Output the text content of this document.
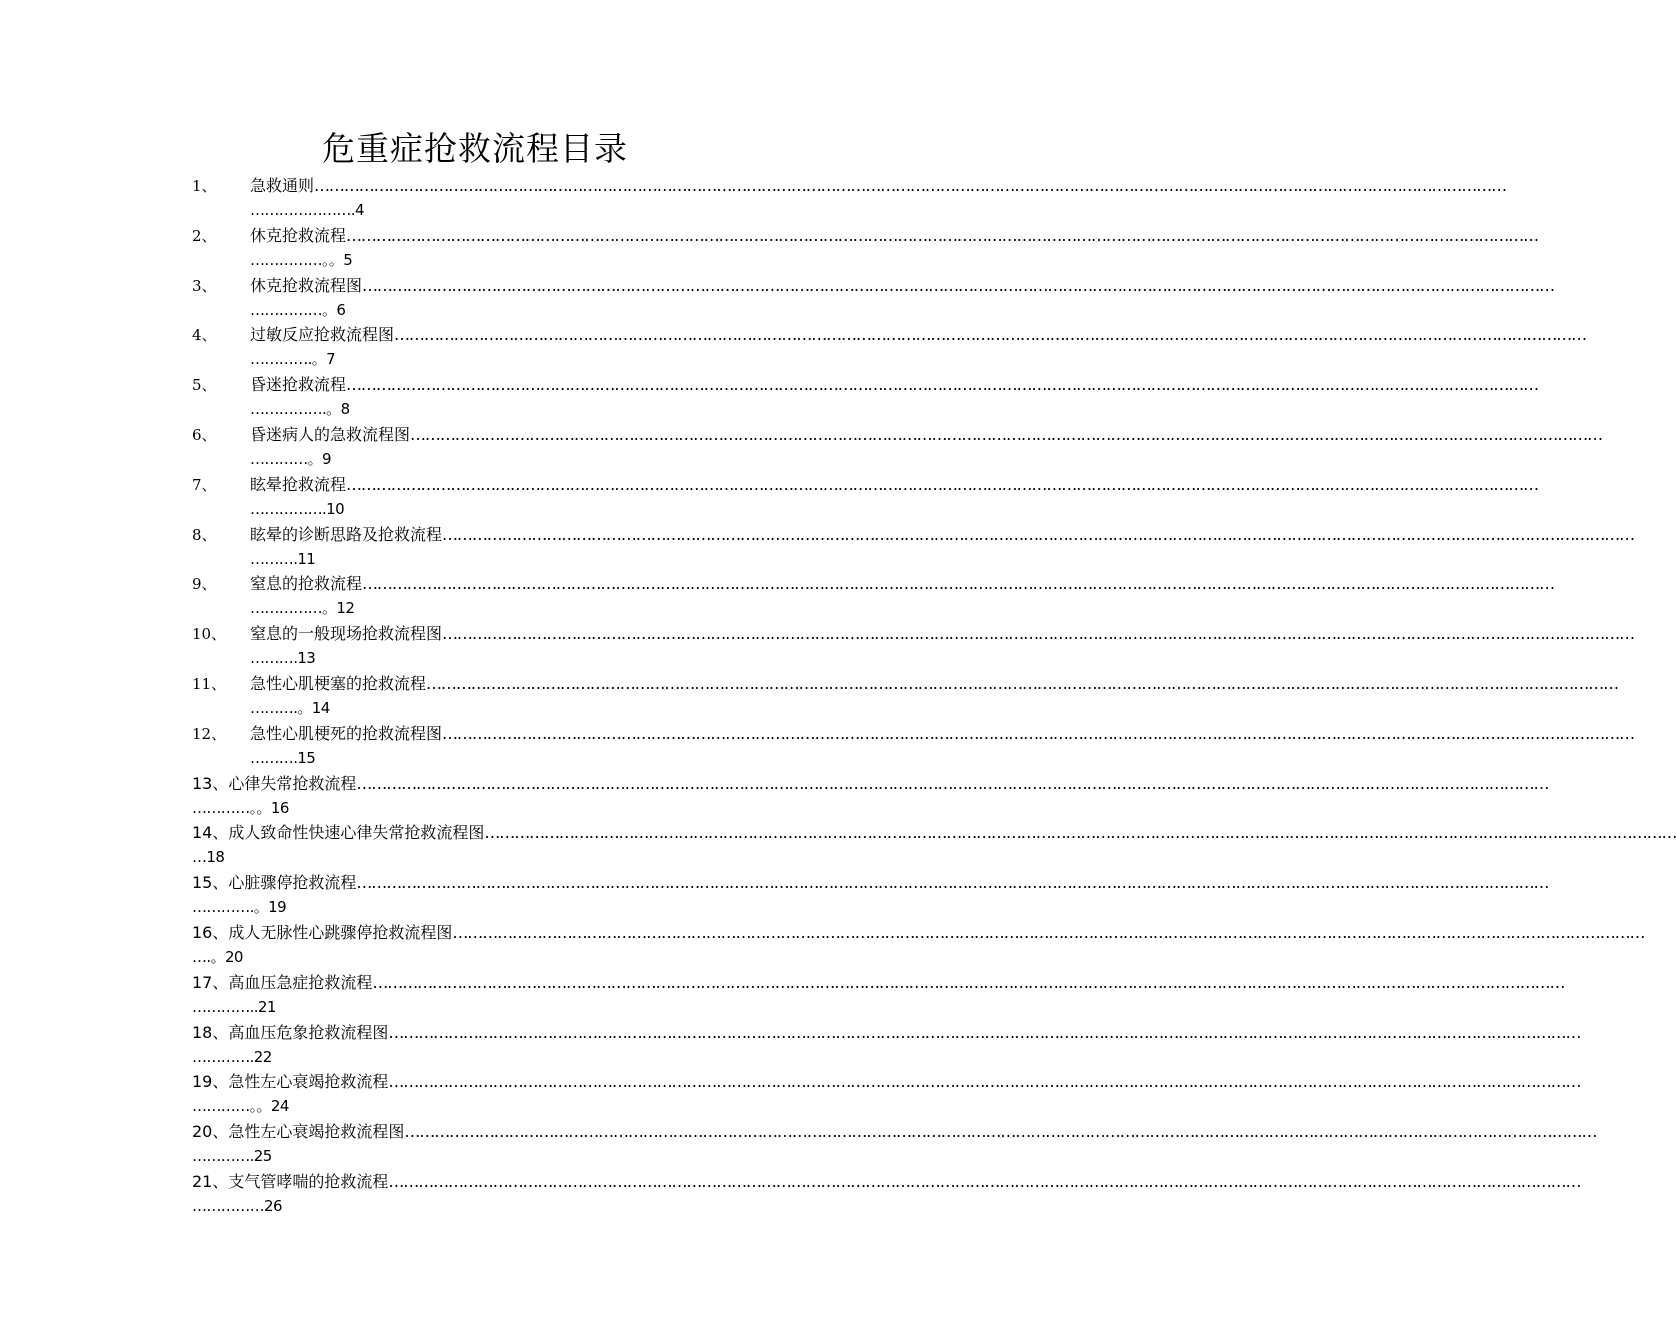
危重症抢救流程目录
1、 急救通则……………………………………………………………………………………………………………………………………………………………………………………………………………………
………………….4
2、 休克抢救流程……………………………………………………………………………………………………………………………………………………………………………………………………………………
……………。。5
3、 休克抢救流程图……………………………………………………………………………………………………………………………………………………………………………………………………………………
……………。6
4、 过敏反应抢救流程图……………………………………………………………………………………………………………………………………………………………………………………………………………………
………….。7
5、 昏迷抢救流程……………………………………………………………………………………………………………………………………………………………………………………………………………………
…………….。8
6、 昏迷病人的急救流程图……………………………………………………………………………………………………………………………………………………………………………………………………………………
…………。9
7、 眩晕抢救流程……………………………………………………………………………………………………………………………………………………………………………………………………………………
…………….10
8、 眩晕的诊断思路及抢救流程……………………………………………………………………………………………………………………………………………………………………………………………………………………
……….11
9、 窒息的抢救流程……………………………………………………………………………………………………………………………………………………………………………………………………………………
……………。12
10、 窒息的一般现场抢救流程图……………………………………………………………………………………………………………………………………………………………………………………………………………………
……….13
11、 急性心肌梗塞的抢救流程……………………………………………………………………………………………………………………………………………………………………………………………………………………
……….。14
12、 急性心肌梗死的抢救流程图……………………………………………………………………………………………………………………………………………………………………………………………………………………
……….15
13、心律失常抢救流程……………………………………………………………………………………………………………………………………………………………………………………………………………………
…………。。16
14、成人致命性快速心律失常抢救流程图……………………………………………………………………………………………………………………………………………………………………………………………………………………
…18
15、心脏骤停抢救流程……………………………………………………………………………………………………………………………………………………………………………………………………………………
………….。19
16、成人无脉性心跳骤停抢救流程图……………………………………………………………………………………………………………………………………………………………………………………………………………………
….。20
17、高血压急症抢救流程……………………………………………………………………………………………………………………………………………………………………………………………………………………
…………..21
18、高血压危象抢救流程图……………………………………………………………………………………………………………………………………………………………………………………………………………………
………….22
19、急性左心衰竭抢救流程……………………………………………………………………………………………………………………………………………………………………………………………………………………
…………。。24
20、急性左心衰竭抢救流程图……………………………………………………………………………………………………………………………………………………………………………………………………………………
………….25
21、支气管哮喘的抢救流程……………………………………………………………………………………………………………………………………………………………………………………………………………………
……………26
